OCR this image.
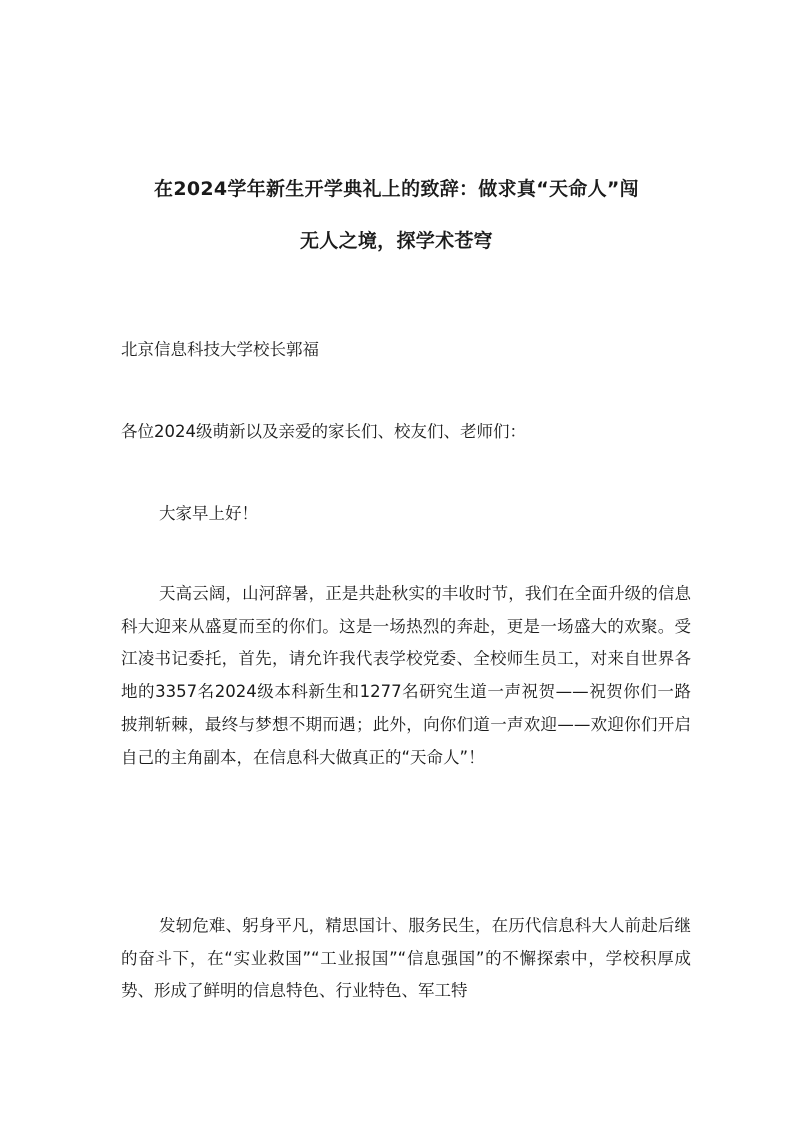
在2024学年新生开学典礼上的致辞：做求真“天命人”闯
无人之境，探学术苍穹

北京信息科技大学校长郭福

各位2024级萌新以及亲爱的家长们、校友们、老师们：

大家早上好！

天高云阔，山河辞暑，正是共赴秋实的丰收时节，我们在全面升级的信息科大迎来从盛夏而至的你们。这是一场热烈的奔赴，更是一场盛大的欢聚。受江凌书记委托，首先，请允许我代表学校党委、全校师生员工，对来自世界各地的3357名2024级本科新生和1277名研究生道一声祝贺——祝贺你们一路披荆斩棘，最终与梦想不期而遇；此外，向你们道一声欢迎——欢迎你们开启自己的主角副本，在信息科大做真正的“天命人”！

发轫危难、躬身平凡，精思国计、服务民生，在历代信息科大人前赴后继的奋斗下，在“实业救国”“工业报国”“信息强国”的不懈探索中，学校积厚成势、形成了鲜明的信息特色、行业特色、军工特
